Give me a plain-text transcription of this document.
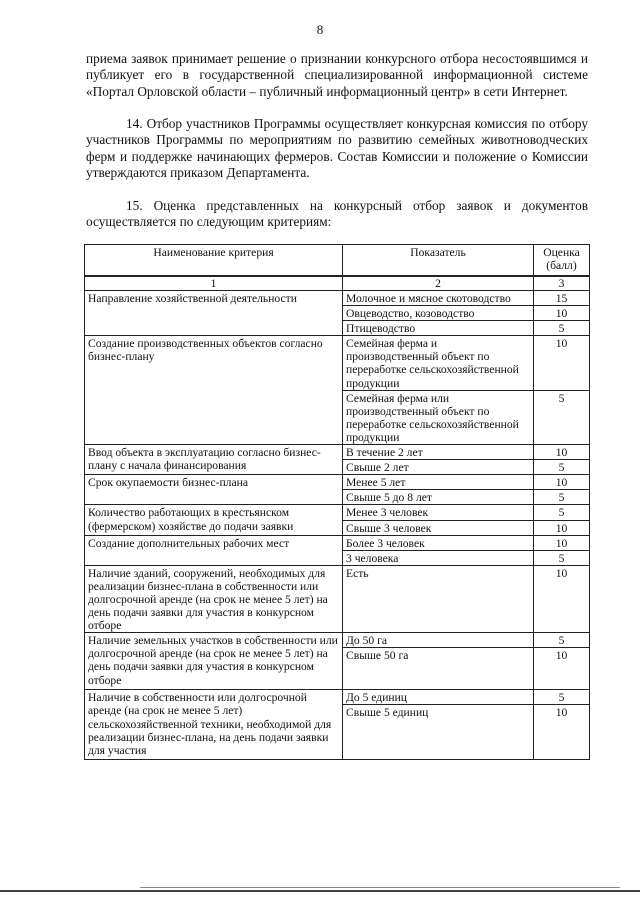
8

приема заявок принимает решение о признании конкурсного отбора несостоявшимся и публикует его в государственной специализированной информационной системе «Портал Орловской области – публичный информационный центр» в сети Интернет.

14. Отбор участников Программы осуществляет конкурсная комиссия по отбору участников Программы по мероприятиям по развитию семейных животноводческих ферм и поддержке начинающих фермеров. Состав Комиссии и положение о Комиссии утверждаются приказом Департамента.

15. Оценка представленных на конкурсный отбор заявок и документов осуществляется по следующим критериям:

Наименование критерия	Показатель	Оценка (балл)
1	2	3
Направление хозяйственной деятельности	Молочное и мясное скотоводство	15
	Овцеводство, козоводство	10
	Птицеводство	5
Создание производственных объектов согласно бизнес-плану	Семейная ферма и производственный объект по переработке сельскохозяйственной продукции	10
	Семейная ферма или производственный объект по переработке сельскохозяйственной продукции	5
Ввод объекта в эксплуатацию согласно бизнес-плану с начала финансирования	В течение 2 лет	10
	Свыше 2 лет	5
Срок окупаемости бизнес-плана	Менее 5 лет	10
	Свыше 5 до 8 лет	5
Количество работающих в крестьянском (фермерском) хозяйстве до подачи заявки	Менее 3 человек	5
	Свыше 3 человек	10
Создание дополнительных рабочих мест	Более 3 человек	10
	3 человека	5
Наличие зданий, сооружений, необходимых для реализации бизнес-плана в собственности или долгосрочной аренде (на срок не менее 5 лет) на день подачи заявки для участия в конкурсном отборе	Есть	10
Наличие земельных участков в собственности или долгосрочной аренде (на срок не менее 5 лет) на день подачи заявки для участия в конкурсном отборе	До 50 га	5
	Свыше 50 га	10
Наличие в собственности или долгосрочной аренде (на срок не менее 5 лет) сельскохозяйственной техники, необходимой для реализации бизнес-плана, на день подачи заявки для участия	До 5 единиц	5
	Свыше 5 единиц	10
